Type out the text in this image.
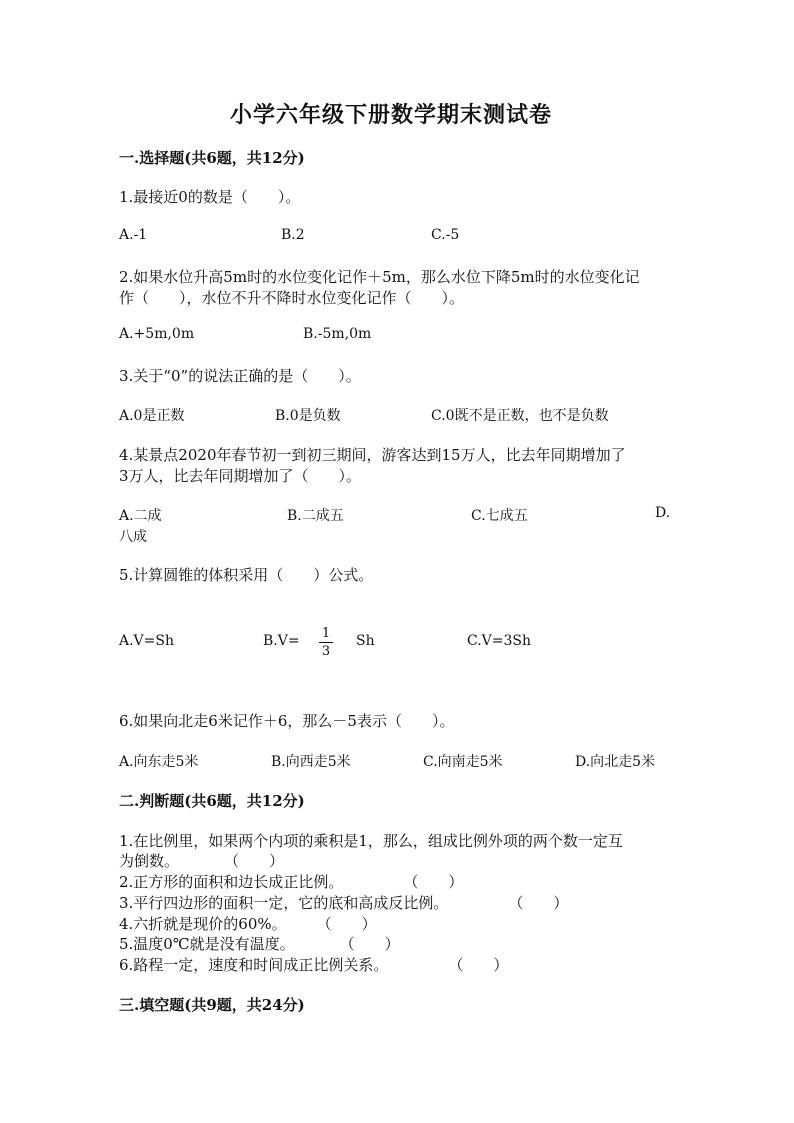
小学六年级下册数学期末测试卷
一.选择题(共6题，共12分)
1.最接近0的数是（　　）。
A.-1	B.2	C.-5
2.如果水位升高5m时的水位变化记作＋5m，那么水位下降5m时的水位变化记
作（　　），水位不升不降时水位变化记作（　　）。
A.+5m,0m	B.-5m,0m
3.关于“0”的说法正确的是（　　）。
A.0是正数	B.0是负数	C.0既不是正数，也不是负数
4.某景点2020年春节初一到初三期间，游客达到15万人，比去年同期增加了
3万人，比去年同期增加了（　　）。
A.二成	B.二成五	C.七成五	D.
八成
5.计算圆锥的体积采用（　　）公式。
A.V=Sh	B.V= 1
3
Sh	C.V=3Sh
6.如果向北走6米记作＋6，那么－5表示（　　）。
A.向东走5米	B.向西走5米	C.向南走5米	D.向北走5米
二.判断题(共6题，共12分)
1.在比例里，如果两个内项的乘积是1，那么，组成比例外项的两个数一定互
为倒数。　　　　（　　）
2.正方形的面积和边长成正比例。　　　　　（　　）
3.平行四边形的面积一定，它的底和高成反比例。　　　　　（　　）
4.六折就是现价的60%。　　　（　　）
5.温度0℃就是没有温度。　　　　（　　）
6.路程一定，速度和时间成正比例关系。　　　　　（　　）
三.填空题(共9题，共24分)
